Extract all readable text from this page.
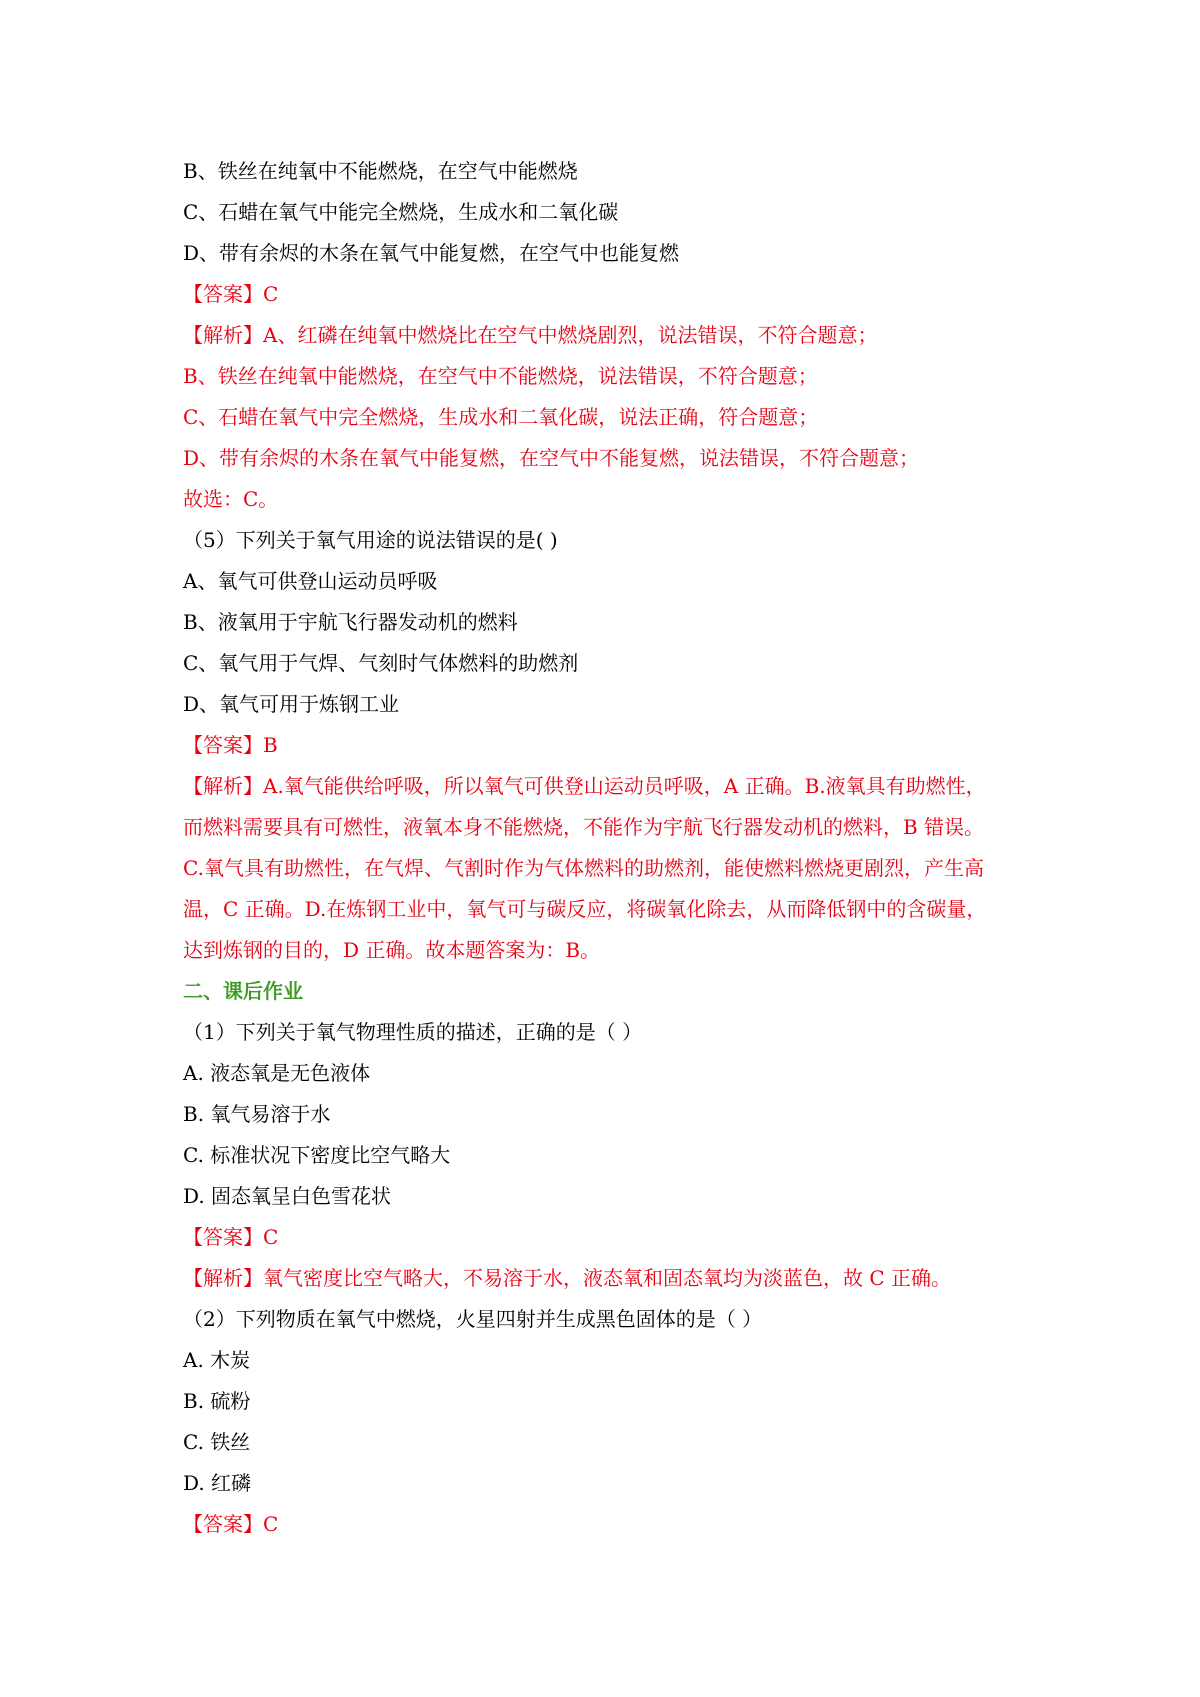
B、铁丝在纯氧中不能燃烧，在空气中能燃烧
C、石蜡在氧气中能完全燃烧，生成水和二氧化碳
D、带有余烬的木条在氧气中能复燃，在空气中也能复燃
【答案】C
【解析】A、红磷在纯氧中燃烧比在空气中燃烧剧烈，说法错误，不符合题意；
B、铁丝在纯氧中能燃烧，在空气中不能燃烧，说法错误，不符合题意；
C、石蜡在氧气中完全燃烧，生成水和二氧化碳，说法正确，符合题意；
D、带有余烬的木条在氧气中能复燃，在空气中不能复燃，说法错误，不符合题意；
故选：C。
（5）下列关于氧气用途的说法错误的是( )
A、氧气可供登山运动员呼吸
B、液氧用于宇航飞行器发动机的燃料
C、氧气用于气焊、气刻时气体燃料的助燃剂
D、氧气可用于炼钢工业
【答案】B
【解析】A.氧气能供给呼吸，所以氧气可供登山运动员呼吸，A 正确。B.液氧具有助燃性，
而燃料需要具有可燃性，液氧本身不能燃烧，不能作为宇航飞行器发动机的燃料，B 错误。
C.氧气具有助燃性，在气焊、气割时作为气体燃料的助燃剂，能使燃料燃烧更剧烈，产生高
温，C 正确。D.在炼钢工业中，氧气可与碳反应，将碳氧化除去，从而降低钢中的含碳量，
达到炼钢的目的，D 正确。故本题答案为：B。
二、课后作业
（1）下列关于氧气物理性质的描述，正确的是（ ）
A. 液态氧是无色液体
B. 氧气易溶于水
C. 标准状况下密度比空气略大
D. 固态氧呈白色雪花状
【答案】C
【解析】氧气密度比空气略大，不易溶于水，液态氧和固态氧均为淡蓝色，故 C 正确。
（2）下列物质在氧气中燃烧，火星四射并生成黑色固体的是（ ）
A. 木炭
B. 硫粉
C. 铁丝
D. 红磷
【答案】C
